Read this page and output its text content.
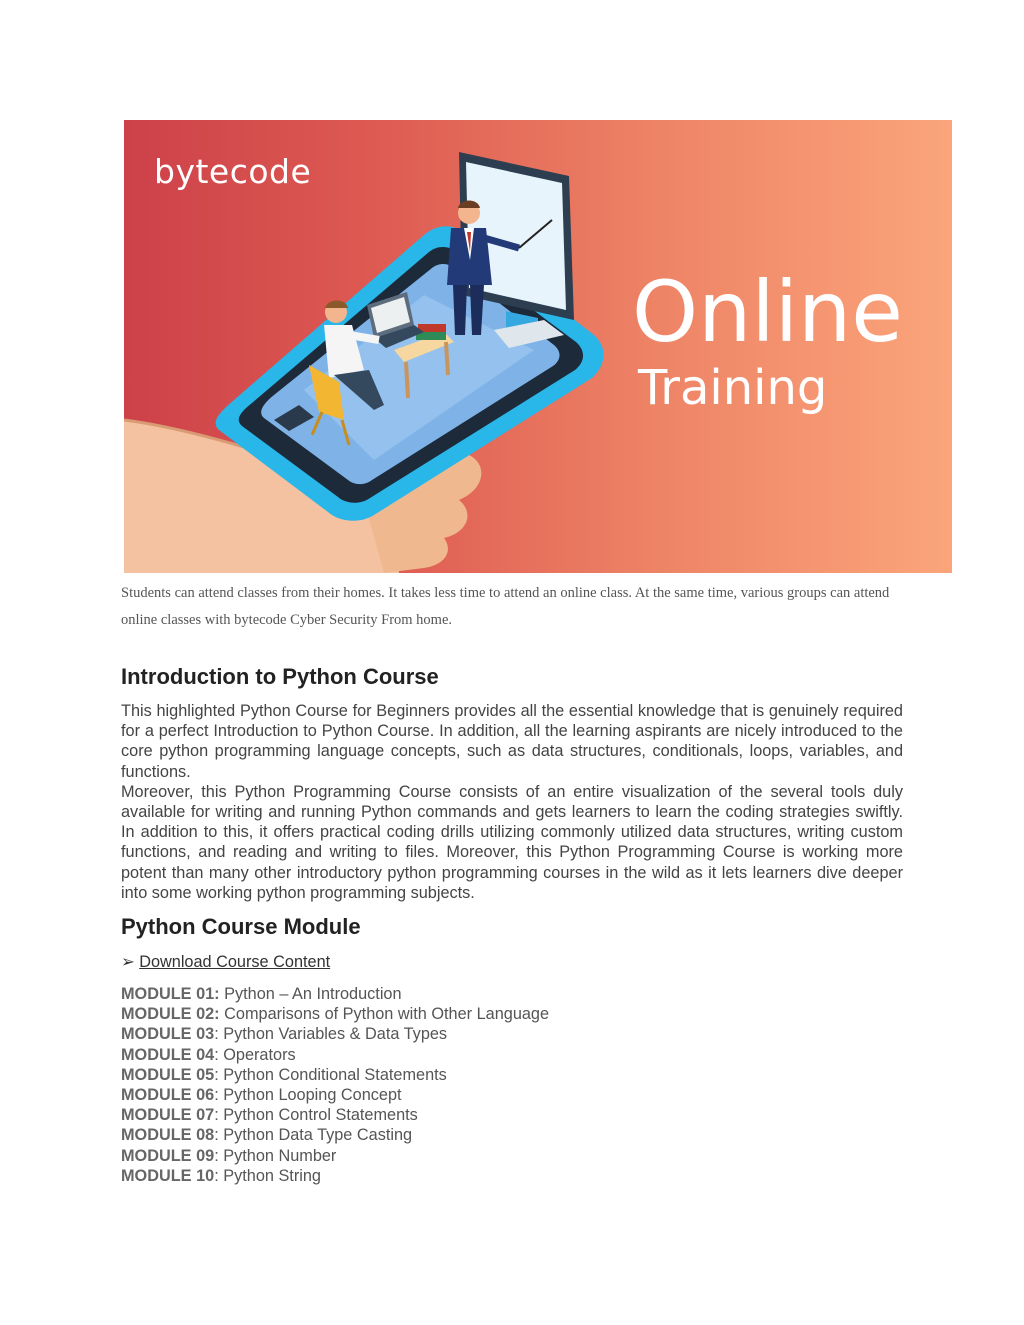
bytecode
Online
Training
Students can attend classes from their homes. It takes less time to attend an online class. At the same time, various groups can attend online classes with bytecode Cyber Security From home.
Introduction to Python Course

This highlighted Python Course for Beginners provides all the essential knowledge that is genuinely required for a perfect Introduction to Python Course. In addition, all the learning aspirants are nicely introduced to the core python programming language concepts, such as data structures, conditionals, loops, variables, and functions.

Moreover, this Python Programming Course consists of an entire visualization of the several tools duly available for writing and running Python commands and gets learners to learn the coding strategies swiftly. In addition to this, it offers practical coding drills utilizing commonly utilized data structures, writing custom functions, and reading and writing to files. Moreover, this Python Programming Course is working more potent than many other introductory python programming courses in the wild as it lets learners dive deeper into some working python programming subjects.

Python Course Module
➢ Download Course Content
MODULE 01: Python – An Introduction
MODULE 02: Comparisons of Python with Other Language
MODULE 03: Python Variables & Data Types
MODULE 04: Operators
MODULE 05: Python Conditional Statements
MODULE 06: Python Looping Concept
MODULE 07: Python Control Statements
MODULE 08: Python Data Type Casting
MODULE 09: Python Number
MODULE 10: Python String
